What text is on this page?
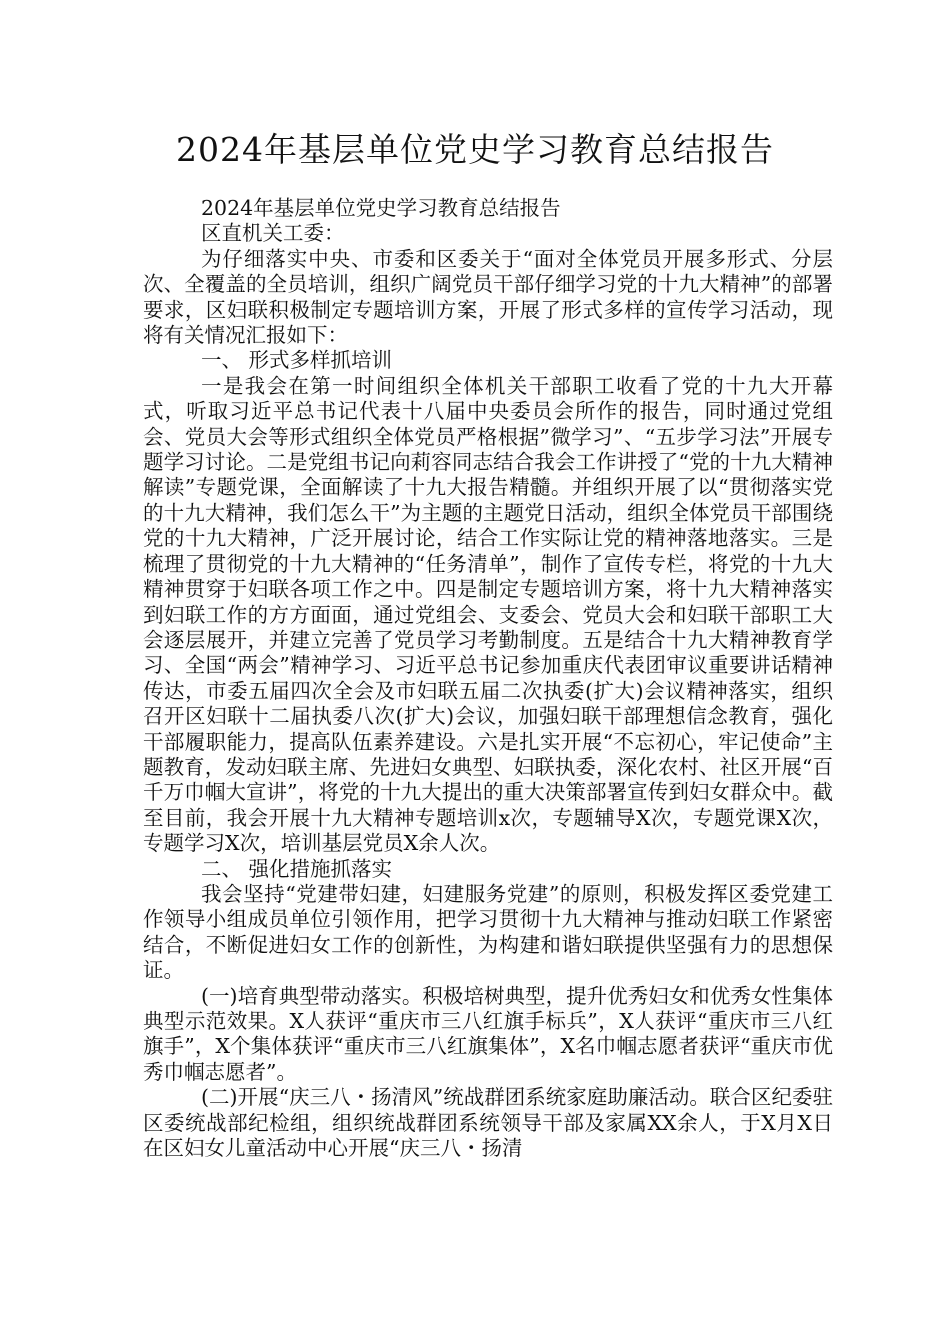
2024年基层单位党史学习教育总结报告

2024年基层单位党史学习教育总结报告

区直机关工委：

为仔细落实中央、市委和区委关于“面对全体党员开展多形式、分层次、全覆盖的全员培训，组织广阔党员干部仔细学习党的十九大精神”的部署要求，区妇联积极制定专题培训方案，开展了形式多样的宣传学习活动，现将有关情况汇报如下：

一、 形式多样抓培训

一是我会在第一时间组织全体机关干部职工收看了党的十九大开幕式，听取习近平总书记代表十八届中央委员会所作的报告，同时通过党组会、党员大会等形式组织全体党员严格根据”微学习”、“五步学习法”开展专题学习讨论。二是党组书记向莉容同志结合我会工作讲授了“党的十九大精神解读”专题党课，全面解读了十九大报告精髓。并组织开展了以“贯彻落实党的十九大精神，我们怎么干”为主题的主题党日活动，组织全体党员干部围绕党的十九大精神，广泛开展讨论，结合工作实际让党的精神落地落实。三是梳理了贯彻党的十九大精神的“任务清单”，制作了宣传专栏，将党的十九大精神贯穿于妇联各项工作之中。四是制定专题培训方案，将十九大精神落实到妇联工作的方方面面，通过党组会、支委会、党员大会和妇联干部职工大会逐层展开，并建立完善了党员学习考勤制度。五是结合十九大精神教育学习、全国“两会”精神学习、习近平总书记参加重庆代表团审议重要讲话精神传达，市委五届四次全会及市妇联五届二次执委(扩大)会议精神落实，组织召开区妇联十二届执委八次(扩大)会议，加强妇联干部理想信念教育，强化干部履职能力，提高队伍素养建设。六是扎实开展“不忘初心，牢记使命”主题教育，发动妇联主席、先进妇女典型、妇联执委，深化农村、社区开展“百千万巾帼大宣讲”，将党的十九大提出的重大决策部署宣传到妇女群众中。截至目前，我会开展十九大精神专题培训x次，专题辅导X次，专题党课X次，专题学习X次，培训基层党员X余人次。

二、 强化措施抓落实

我会坚持“党建带妇建，妇建服务党建”的原则，积极发挥区委党建工作领导小组成员单位引领作用，把学习贯彻十九大精神与推动妇联工作紧密结合，不断促进妇女工作的创新性，为构建和谐妇联提供坚强有力的思想保证。

(一)培育典型带动落实。积极培树典型，提升优秀妇女和优秀女性集体典型示范效果。X人获评“重庆市三八红旗手标兵”，X人获评“重庆市三八红旗手”，X个集体获评“重庆市三八红旗集体”，X名巾帼志愿者获评“重庆市优秀巾帼志愿者”。

(二)开展“庆三八・扬清风”统战群团系统家庭助廉活动。联合区纪委驻区委统战部纪检组，组织统战群团系统领导干部及家属XX余人，于X月X日在区妇女儿童活动中心开展“庆三八・扬清
